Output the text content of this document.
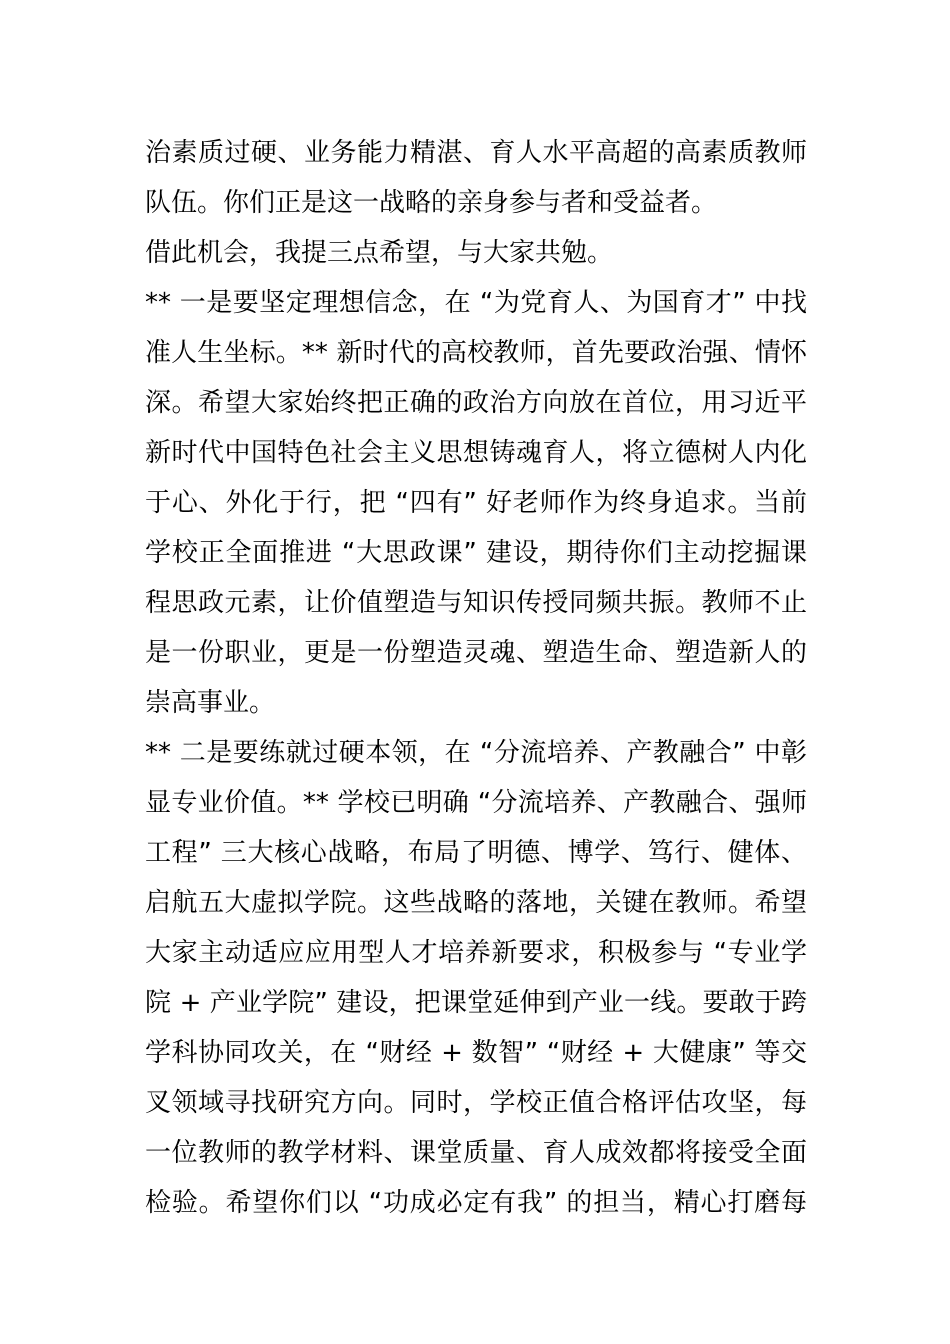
治素质过硬、业务能力精湛、育人水平高超的高素质教师
队伍。你们正是这一战略的亲身参与者和受益者。
借此机会，我提三点希望，与大家共勉。
** 一是要坚定理想信念，在 “为党育人、为国育才” 中找
准人生坐标。** 新时代的高校教师，首先要政治强、情怀
深。希望大家始终把正确的政治方向放在首位，用习近平
新时代中国特色社会主义思想铸魂育人，将立德树人内化
于心、外化于行，把 “四有” 好老师作为终身追求。当前
学校正全面推进 “大思政课” 建设，期待你们主动挖掘课
程思政元素，让价值塑造与知识传授同频共振。教师不止
是一份职业，更是一份塑造灵魂、塑造生命、塑造新人的
崇高事业。
** 二是要练就过硬本领，在 “分流培养、产教融合” 中彰
显专业价值。** 学校已明确 “分流培养、产教融合、强师
工程” 三大核心战略，布局了明德、博学、笃行、健体、
启航五大虚拟学院。这些战略的落地，关键在教师。希望
大家主动适应应用型人才培养新要求，积极参与 “专业学
院 + 产业学院” 建设，把课堂延伸到产业一线。要敢于跨
学科协同攻关，在 “财经 + 数智” “财经 + 大健康” 等交
叉领域寻找研究方向。同时，学校正值合格评估攻坚，每
一位教师的教学材料、课堂质量、育人成效都将接受全面
检验。希望你们以 “功成必定有我” 的担当，精心打磨每
